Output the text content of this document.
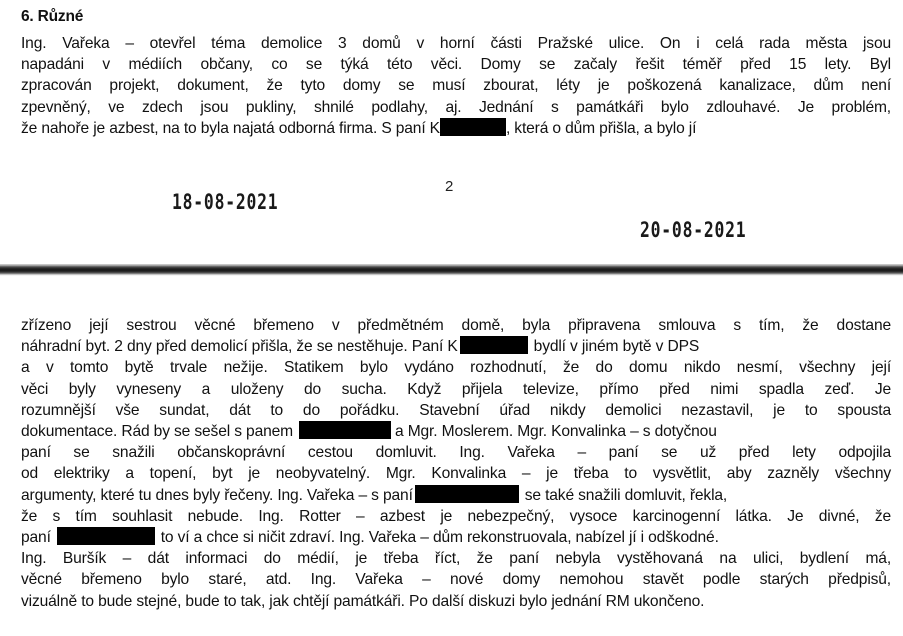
6. Různé
Ing. Vařeka – otevřel téma demolice 3 domů v horní části Pražské ulice. On i celá rada města jsou
napadáni v médiích občany, co se týká této věci. Domy se začaly řešit téměř před 15 lety. Byl
zpracován projekt, dokument, že tyto domy se musí zbourat, léty je poškozená kanalizace, dům není
zpevněný, ve zdech jsou pukliny, shnilé podlahy, aj. Jednání s památkáři bylo zdlouhavé. Je problém,
že nahoře je azbest, na to byla najatá odborná firma. S paní K	, která o dům přišla, a bylo jí
2
18-08-2021
20-08-2021
zřízeno její sestrou věcné břemeno v předmětném domě, byla připravena smlouva s tím, že dostane
náhradní byt. 2 dny před demolicí přišla, že se nestěhuje. Paní K	bydlí v jiném bytě v DPS
a v tomto bytě trvale nežije. Statikem bylo vydáno rozhodnutí, že do domu nikdo nesmí, všechny její
věci byly vyneseny a uloženy do sucha. Když přijela televize, přímo před nimi spadla zeď. Je
rozumnější vše sundat, dát to do pořádku. Stavební úřad nikdy demolici nezastavil, je to spousta
dokumentace. Rád by se sešel s panem	a Mgr. Moslerem. Mgr. Konvalinka – s dotyčnou
paní se snažili občanskoprávní cestou domluvit. Ing. Vařeka – paní se už před lety odpojila
od elektriky a topení, byt je neobyvatelný. Mgr. Konvalinka – je třeba to vysvětlit, aby zazněly všechny
argumenty, které tu dnes byly řečeny. Ing. Vařeka – s paní	se také snažili domluvit, řekla,
že s tím souhlasit nebude. Ing. Rotter – azbest je nebezpečný, vysoce karcinogenní látka. Je divné, že
paní	to ví a chce si ničit zdraví. Ing. Vařeka – dům rekonstruovala, nabízel jí i odškodné.
Ing. Buršík – dát informaci do médií, je třeba říct, že paní nebyla vystěhovaná na ulici, bydlení má,
věcné břemeno bylo staré, atd. Ing. Vařeka – nové domy nemohou stavět podle starých předpisů,
vizuálně to bude stejné, bude to tak, jak chtějí památkáři. Po další diskuzi bylo jednání RM ukončeno.
